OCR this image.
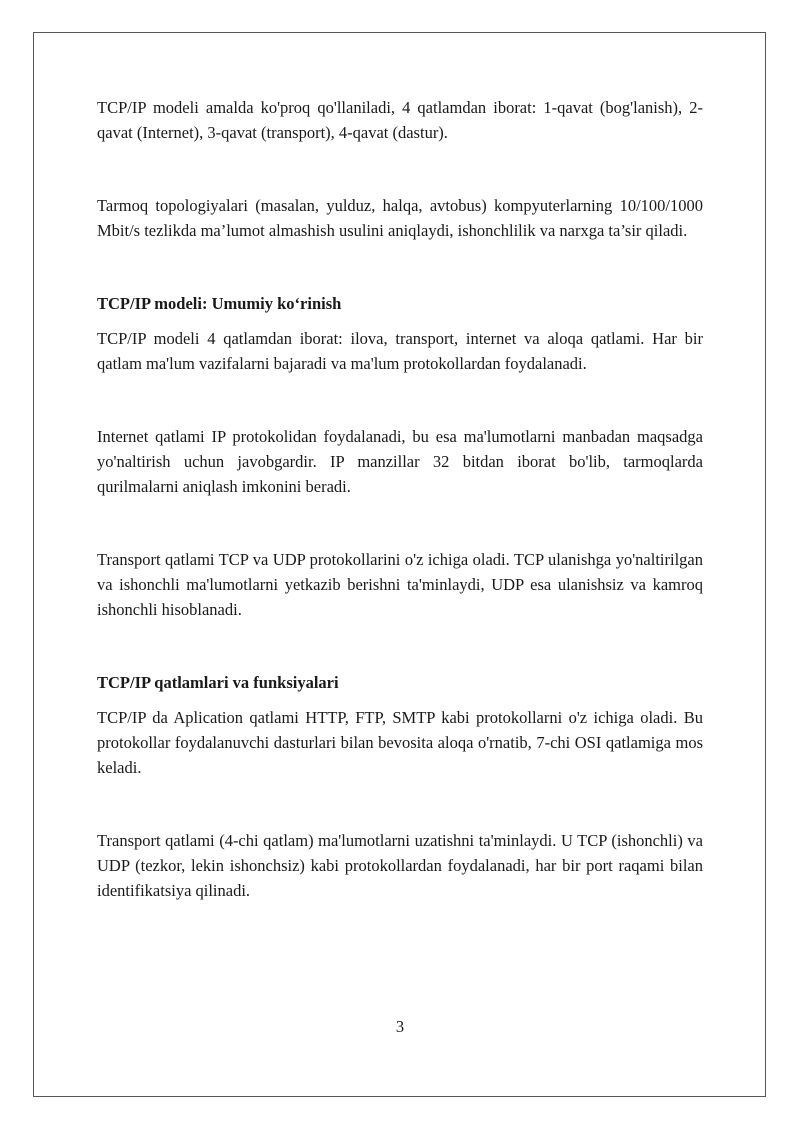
TCP/IP modeli amalda ko'proq qo'llaniladi, 4 qatlamdan iborat: 1-qavat (bog'lanish), 2-qavat (Internet), 3-qavat (transport), 4-qavat (dastur).

Tarmoq topologiyalari (masalan, yulduz, halqa, avtobus) kompyuterlarning 10/100/1000 Mbit/s tezlikda ma’lumot almashish usulini aniqlaydi, ishonchlilik va narxga ta’sir qiladi.

TCP/IP modeli: Umumiy koʻrinish

TCP/IP modeli 4 qatlamdan iborat: ilova, transport, internet va aloqa qatlami. Har bir qatlam ma'lum vazifalarni bajaradi va ma'lum protokollardan foydalanadi.

Internet qatlami IP protokolidan foydalanadi, bu esa ma'lumotlarni manbadan maqsadga yo'naltirish uchun javobgardir. IP manzillar 32 bitdan iborat bo'lib, tarmoqlarda qurilmalarni aniqlash imkonini beradi.

Transport qatlami TCP va UDP protokollarini o'z ichiga oladi. TCP ulanishga yo'naltirilgan va ishonchli ma'lumotlarni yetkazib berishni ta'minlaydi, UDP esa ulanishsiz va kamroq ishonchli hisoblanadi.

TCP/IP qatlamlari va funksiyalari

TCP/IP da Aplication qatlami HTTP, FTP, SMTP kabi protokollarni o'z ichiga oladi. Bu protokollar foydalanuvchi dasturlari bilan bevosita aloqa o'rnatib, 7-chi OSI qatlamiga mos keladi.

Transport qatlami (4-chi qatlam) ma'lumotlarni uzatishni ta'minlaydi. U TCP (ishonchli) va UDP (tezkor, lekin ishonchsiz) kabi protokollardan foydalanadi, har bir port raqami bilan identifikatsiya qilinadi.

3
